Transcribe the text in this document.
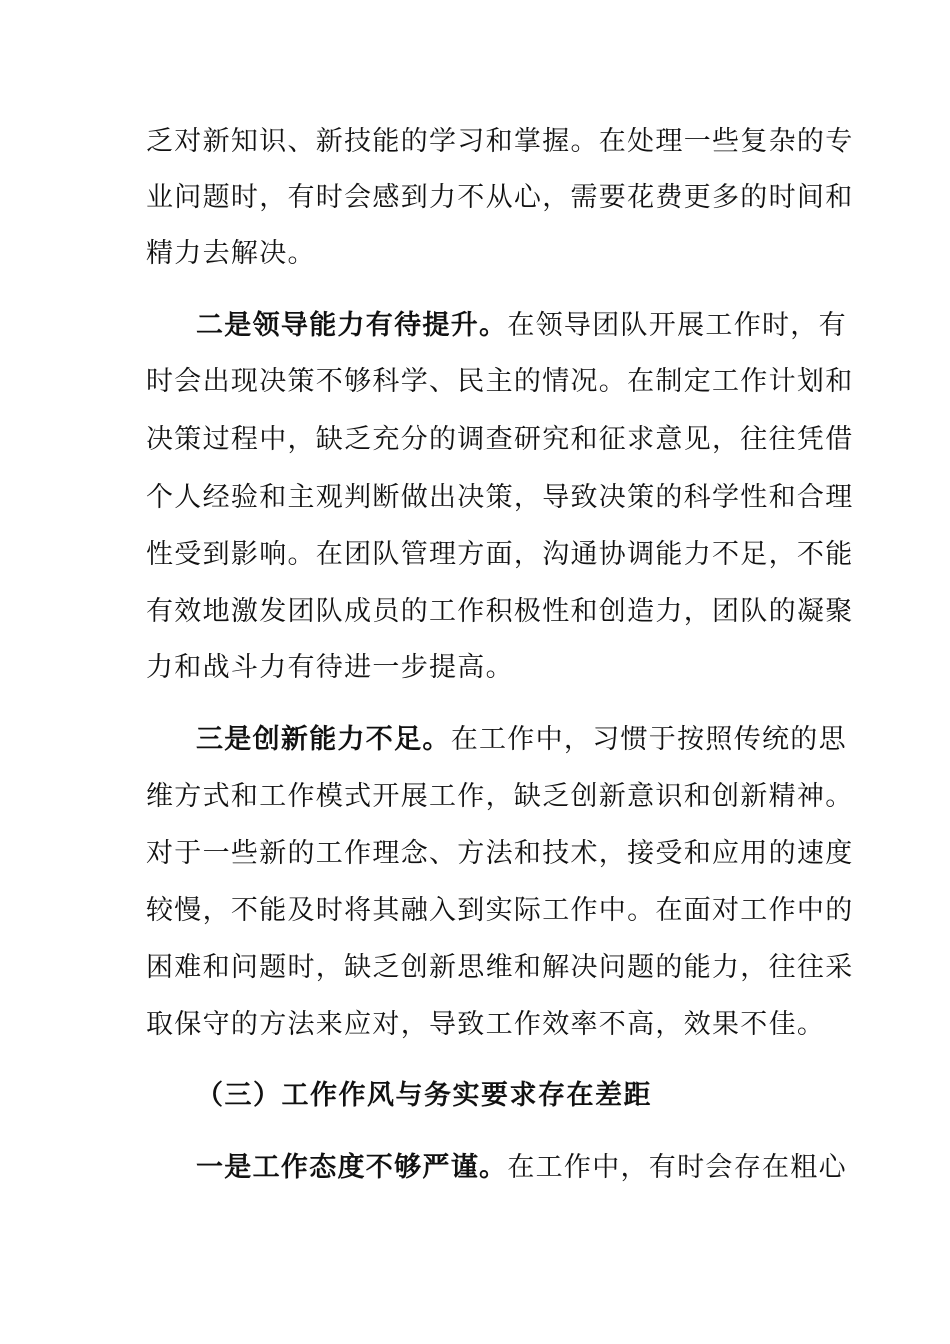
乏对新知识、新技能的学习和掌握。在处理一些复杂的专

业问题时，有时会感到力不从心，需要花费更多的时间和

精力去解决。

二是领导能力有待提升。在领导团队开展工作时，有

时会出现决策不够科学、民主的情况。在制定工作计划和

决策过程中，缺乏充分的调查研究和征求意见，往往凭借

个人经验和主观判断做出决策，导致决策的科学性和合理

性受到影响。在团队管理方面，沟通协调能力不足，不能

有效地激发团队成员的工作积极性和创造力，团队的凝聚

力和战斗力有待进一步提高。

三是创新能力不足。在工作中，习惯于按照传统的思

维方式和工作模式开展工作，缺乏创新意识和创新精神。

对于一些新的工作理念、方法和技术，接受和应用的速度

较慢，不能及时将其融入到实际工作中。在面对工作中的

困难和问题时，缺乏创新思维和解决问题的能力，往往采

取保守的方法来应对，导致工作效率不高，效果不佳。

（三）工作作风与务实要求存在差距

一是工作态度不够严谨。在工作中，有时会存在粗心
